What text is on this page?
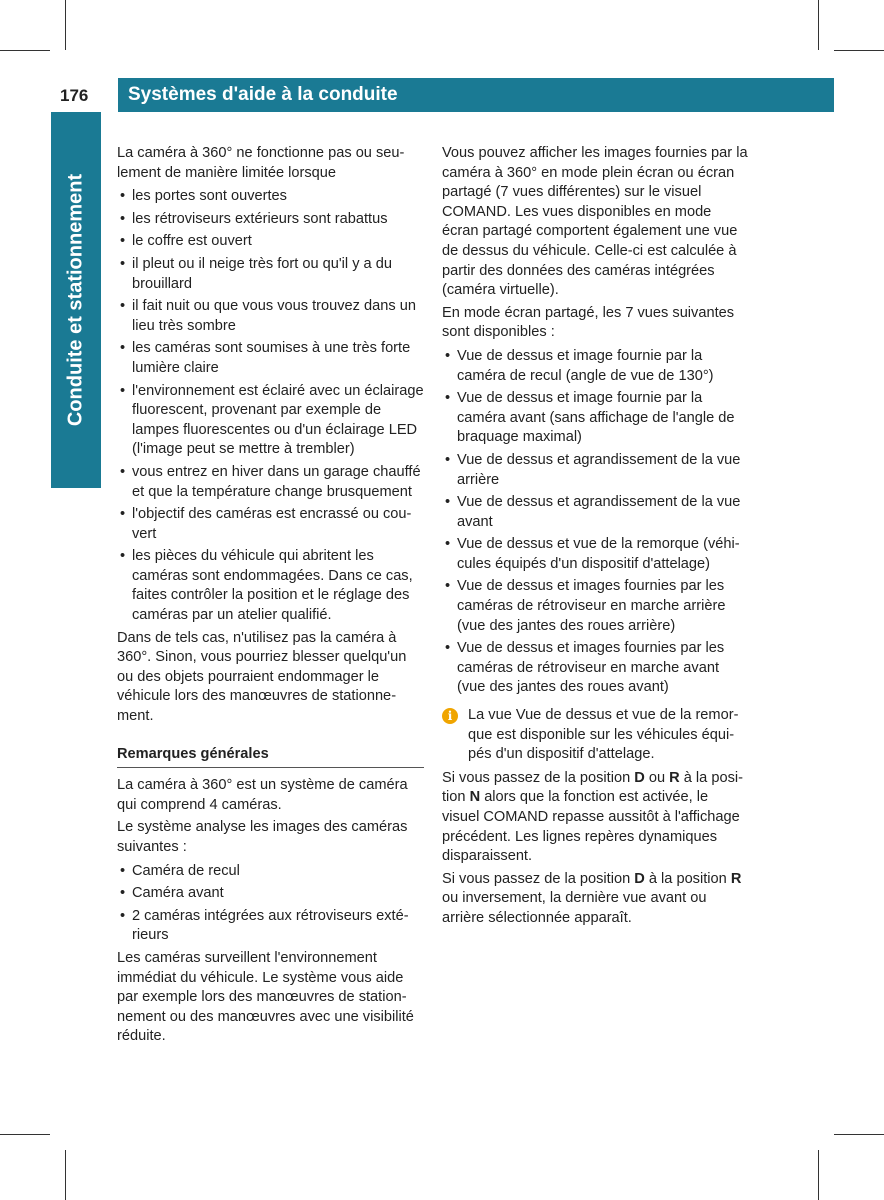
176	Systèmes d'aide à la conduite
Conduite et stationnement

La caméra à 360° ne fonctionne pas ou seulement de manière limitée lorsque

• les portes sont ouvertes
• les rétroviseurs extérieurs sont rabattus
• le coffre est ouvert
• il pleut ou il neige très fort ou qu'il y a du brouillard
• il fait nuit ou que vous vous trouvez dans un lieu très sombre
• les caméras sont soumises à une très forte lumière claire
• l'environnement est éclairé avec un éclairage fluorescent, provenant par exemple de lampes fluorescentes ou d'un éclairage LED (l'image peut se mettre à trembler)
• vous entrez en hiver dans un garage chauffé et que la température change brusquement
• l'objectif des caméras est encrassé ou couvert
• les pièces du véhicule qui abritent les caméras sont endommagées. Dans ce cas, faites contrôler la position et le réglage des caméras par un atelier qualifié.

Dans de tels cas, n'utilisez pas la caméra à 360°. Sinon, vous pourriez blesser quelqu'un ou des objets pourraient endommager le véhicule lors des manœuvres de stationnement.

Remarques générales

La caméra à 360° est un système de caméra qui comprend 4 caméras.

Le système analyse les images des caméras suivantes :

• Caméra de recul
• Caméra avant
• 2 caméras intégrées aux rétroviseurs extérieurs

Les caméras surveillent l'environnement immédiat du véhicule. Le système vous aide par exemple lors des manœuvres de stationnement ou des manœuvres avec une visibilité réduite.

Vous pouvez afficher les images fournies par la caméra à 360° en mode plein écran ou écran partagé (7 vues différentes) sur le visuel COMAND. Les vues disponibles en mode écran partagé comportent également une vue de dessus du véhicule. Celle-ci est calculée à partir des données des caméras intégrées (caméra virtuelle).

En mode écran partagé, les 7 vues suivantes sont disponibles :

• Vue de dessus et image fournie par la caméra de recul (angle de vue de 130°)
• Vue de dessus et image fournie par la caméra avant (sans affichage de l'angle de braquage maximal)
• Vue de dessus et agrandissement de la vue arrière
• Vue de dessus et agrandissement de la vue avant
• Vue de dessus et vue de la remorque (véhicules équipés d'un dispositif d'attelage)
• Vue de dessus et images fournies par les caméras de rétroviseur en marche arrière (vue des jantes des roues arrière)
• Vue de dessus et images fournies par les caméras de rétroviseur en marche avant (vue des jantes des roues avant)
i	La vue Vue de dessus et vue de la remorque est disponible sur les véhicules équipés d'un dispositif d'attelage.

Si vous passez de la position D ou R à la position N alors que la fonction est activée, le visuel COMAND repasse aussitôt à l'affichage précédent. Les lignes repères dynamiques disparaissent.

Si vous passez de la position D à la position R ou inversement, la dernière vue avant ou arrière sélectionnée apparaît.
